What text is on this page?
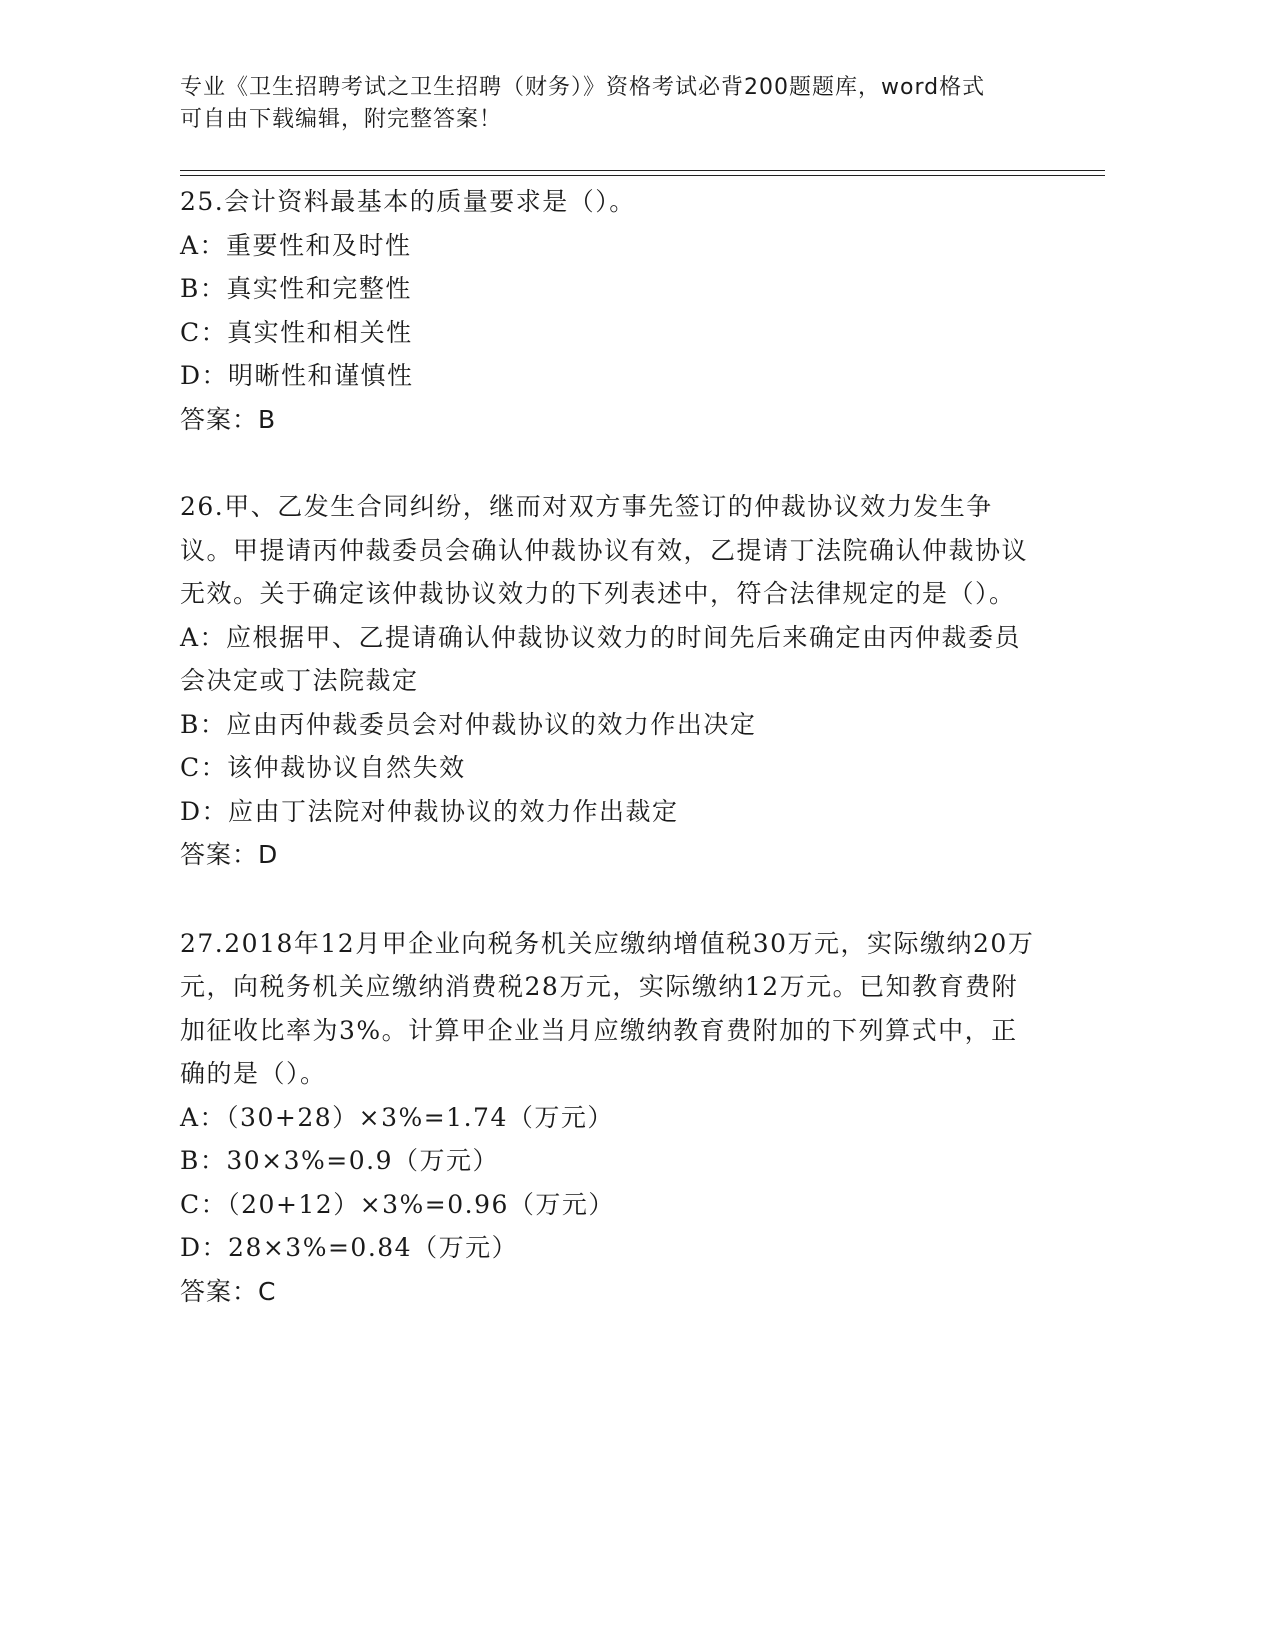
专业《卫生招聘考试之卫生招聘（财务）》资格考试必背200题题库，word格式
可自由下载编辑，附完整答案！
25.会计资料最基本的质量要求是（）。
A：重要性和及时性
B：真实性和完整性
C：真实性和相关性
D：明晰性和谨慎性
答案：B
26.甲、乙发生合同纠纷，继而对双方事先签订的仲裁协议效力发生争议。甲提请丙仲裁委员会确认仲裁协议有效，乙提请丁法院确认仲裁协议无效。关于确定该仲裁协议效力的下列表述中，符合法律规定的是（）。
A：应根据甲、乙提请确认仲裁协议效力的时间先后来确定由丙仲裁委员会决定或丁法院裁定
B：应由丙仲裁委员会对仲裁协议的效力作出决定
C：该仲裁协议自然失效
D：应由丁法院对仲裁协议的效力作出裁定
答案：D
27.2018年12月甲企业向税务机关应缴纳增值税30万元，实际缴纳20万元，向税务机关应缴纳消费税28万元，实际缴纳12万元。已知教育费附加征收比率为3%。计算甲企业当月应缴纳教育费附加的下列算式中，正确的是（）。
A：（30+28）×3%=1.74（万元）
B：30×3%=0.9（万元）
C：（20+12）×3%=0.96（万元）
D：28×3%=0.84（万元）
答案：C
